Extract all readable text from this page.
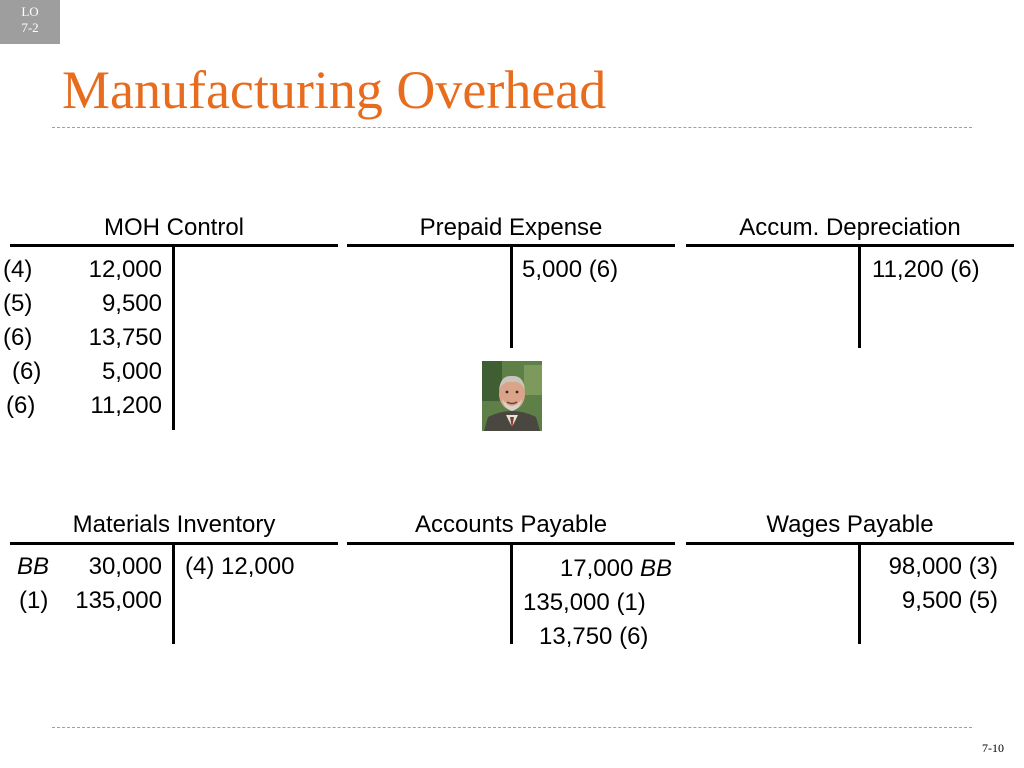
LO
7-2
Manufacturing Overhead
MOH Control
(4) 12,000
(5)	9,500
(6) 13,750
(6)	5,000
(6) 11,200
Prepaid Expense
5,000 (6)
Accum. Depreciation
11,200 (6)
Materials Inventory
BB 30,000
(1) 135,000
(4) 12,000
Accounts Payable
17,000 BB
135,000 (1)
13,750 (6)
Wages Payable
98,000 (3)
9,500 (5)
7-10
